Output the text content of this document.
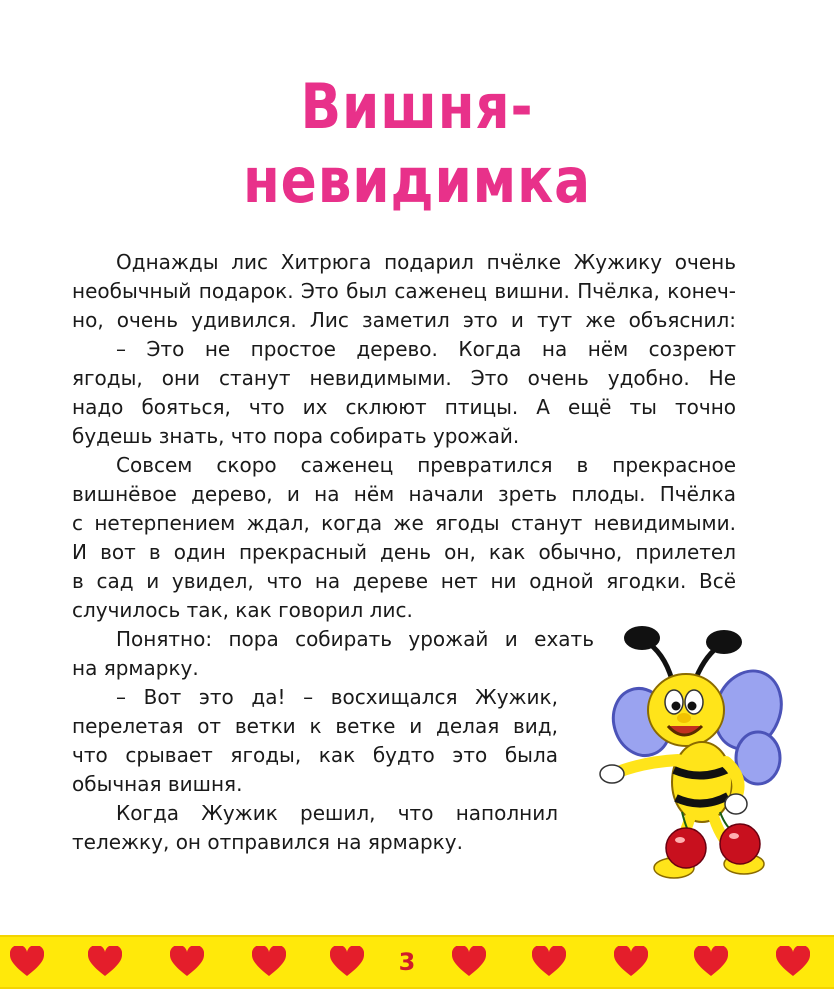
Вишня-
невидимка
Однажды лис Хитрюга подарил пчёлке Жужику очень
необычный подарок. Это был саженец вишни. Пчёлка, конеч-
но, очень удивился. Лис заметил это и тут же объяснил:
– Это не простое дерево. Когда на нём созреют
ягоды, они станут невидимыми. Это очень удобно. Не
надо бояться, что их склюют птицы. А ещё ты точно
будешь знать, что пора собирать урожай.
Совсем скоро саженец превратился в прекрасное
вишнёвое дерево, и на нём начали зреть плоды. Пчёлка
с нетерпением ждал, когда же ягоды станут невидимыми.
И вот в один прекрасный день он, как обычно, прилетел
в сад и увидел, что на дереве нет ни одной ягодки. Всё
случилось так, как говорил лис.
Понятно: пора собирать урожай и ехать
на ярмарку.
– Вот это да! – восхищался Жужик,
перелетая от ветки к ветке и делая вид,
что срывает ягоды, как будто это была
обычная вишня.
Когда Жужик решил, что наполнил
тележку, он отправился на ярмарку.
3
